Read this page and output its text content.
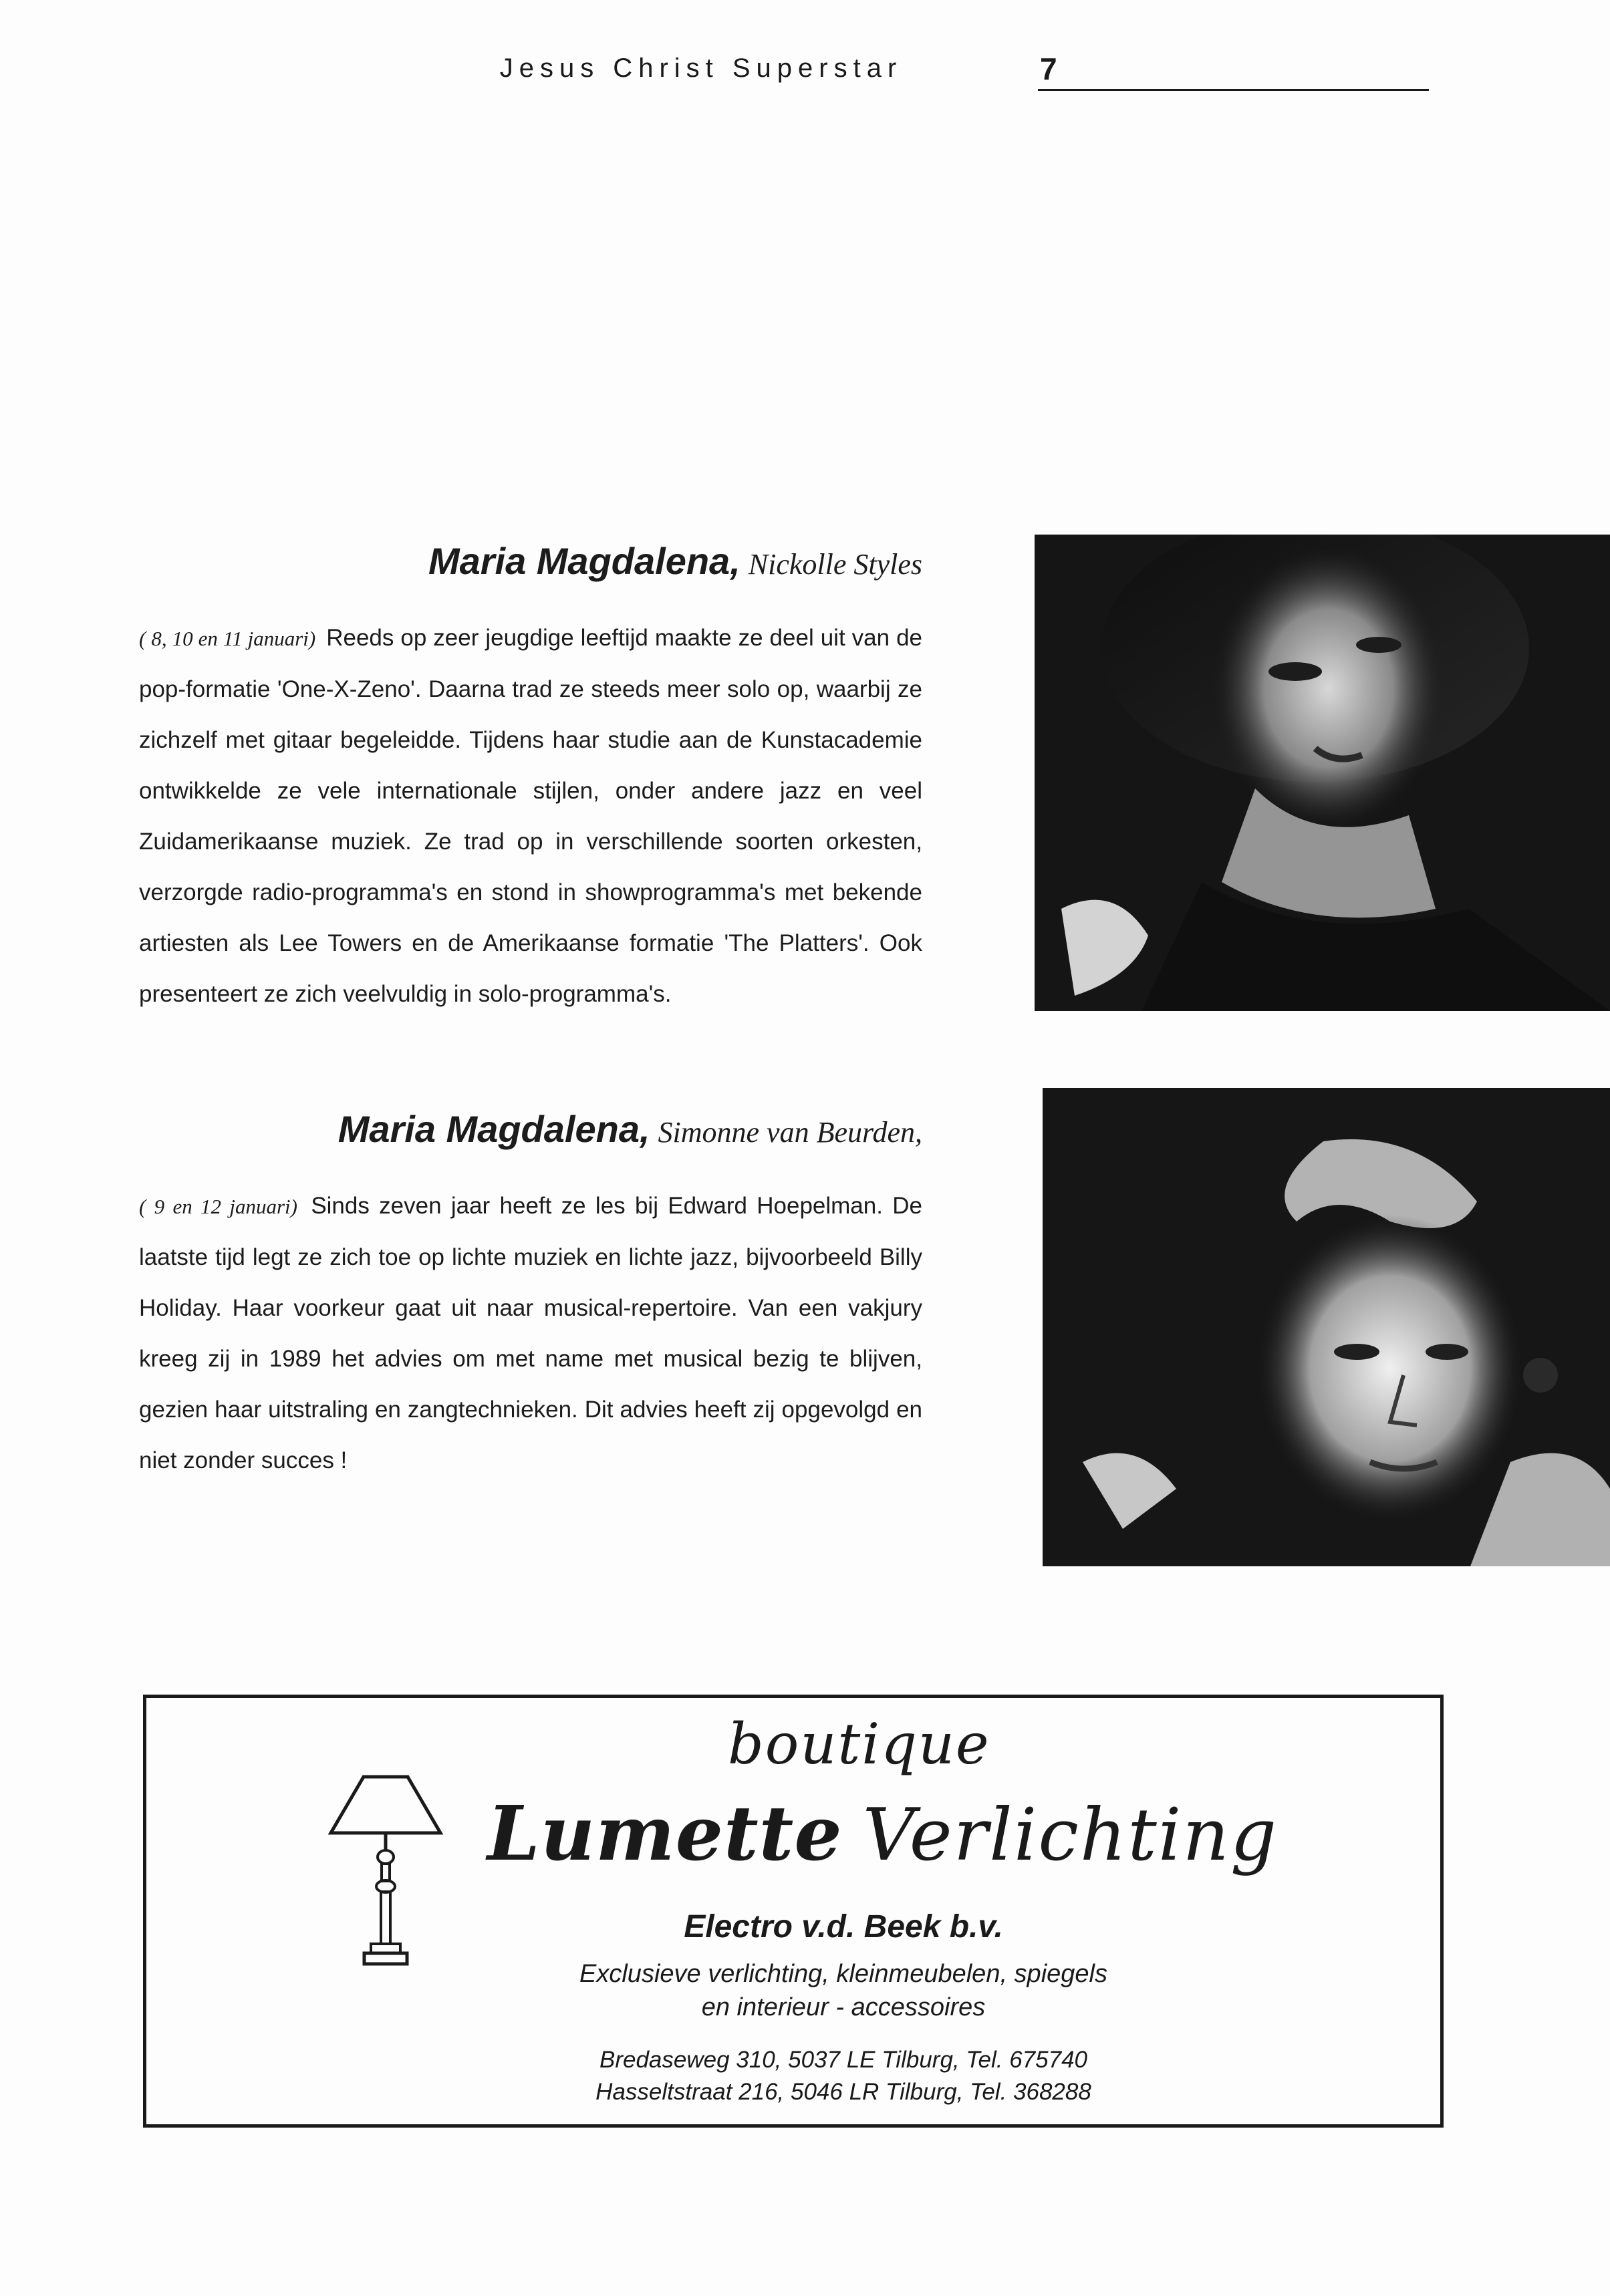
Jesus Christ Superstar	7
Maria Magdalena, Nickolle Styles

( 8, 10 en 11 januari) Reeds op zeer jeugdige leeftijd maakte ze deel uit van de pop-formatie 'One-X-Zeno'. Daarna trad ze steeds meer solo op, waarbij ze zichzelf met gitaar begeleidde. Tijdens haar studie aan de Kunstacademie ontwikkelde ze vele internationale stijlen, onder andere jazz en veel Zuidamerikaanse muziek. Ze trad op in verschillende soorten orkesten, verzorgde radio-programma's en stond in showprogramma's met bekende artiesten als Lee Towers en de Amerikaanse formatie 'The Platters'. Ook presenteert ze zich veelvuldig in solo-programma's.

Maria Magdalena, Simonne van Beurden,

( 9 en 12 januari) Sinds zeven jaar heeft ze les bij Edward Hoepelman. De laatste tijd legt ze zich toe op lichte muziek en lichte jazz, bijvoorbeeld Billy Holiday. Haar voorkeur gaat uit naar musical-repertoire. Van een vakjury kreeg zij in 1989 het advies om met name met musical bezig te blijven, gezien haar uitstraling en zangtechnieken. Dit advies heeft zij opgevolgd en niet zonder succes !

boutique
Lumette Verlichting
Electro v.d. Beek b.v.
Exclusieve verlichting, kleinmeubelen, spiegels
en interieur - accessoires
Bredaseweg 310, 5037 LE Tilburg, Tel. 675740
Hasseltstraat 216, 5046 LR Tilburg, Tel. 368288
